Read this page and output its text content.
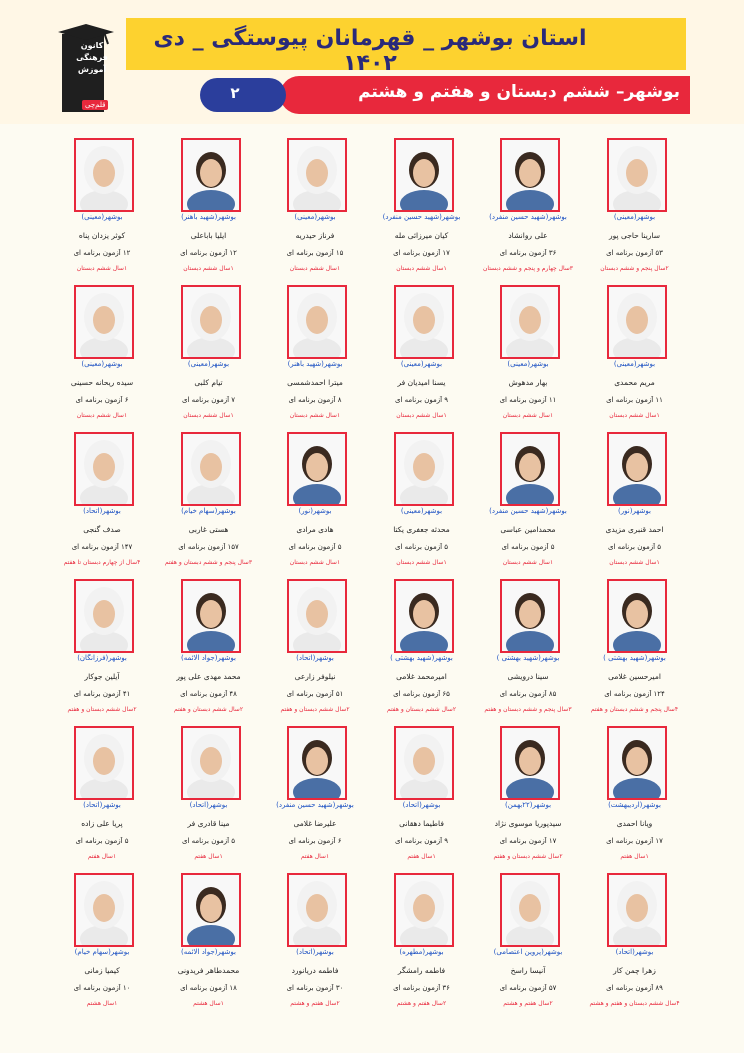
کانون
فرهنگی
آموزش
قلم‌چی
استان بوشهر _ قهرمانان پیوستگی _ دی ۱۴۰۲
بوشهر– ششم دبستان و هفتم و هشتم
۲
بوشهر(معینی)
سارینا حاجی پور
۵۳ آزمون برنامه ای
۲سال پنجم و ششم دبستان
بوشهر(شهید حسین منفرد)
علی روانشاد
۳۶ آزمون برنامه ای
۳سال چهارم و پنجم و ششم دبستان
بوشهر(شهید حسین منفرد)
کیان میرزائی مله
۱۷ آزمون برنامه ای
۱سال ششم دبستان
بوشهر(معینی)
فرناز حیدریه
۱۵ آزمون برنامه ای
۱سال ششم دبستان
بوشهر(شهید باهنر)
ایلیا باباعلی
۱۲ آزمون برنامه ای
۱سال ششم دبستان
بوشهر(معینی)
کوثر یزدان پناه
۱۲ آزمون برنامه ای
۱سال ششم دبستان
بوشهر(معینی)
مریم محمدی
۱۱ آزمون برنامه ای
۱سال ششم دبستان
بوشهر(معینی)
بهار مدهوش
۱۱ آزمون برنامه ای
۱سال ششم دبستان
بوشهر(معینی)
یسنا امیدیان فر
۹ آزمون برنامه ای
۱سال ششم دبستان
بوشهر(شهید باهنر)
میترا احمدشمسی
۸ آزمون برنامه ای
۱سال ششم دبستان
بوشهر(معینی)
تیام کلبی
۷ آزمون برنامه ای
۱سال ششم دبستان
بوشهر(معینی)
سیده ریحانه حسینی
۶ آزمون برنامه ای
۱سال ششم دبستان
بوشهر(نور)
احمد قنبری مزیدی
۵ آزمون برنامه ای
۱سال ششم دبستان
بوشهر(شهید حسین منفرد)
محمدامین عباسی
۵ آزمون برنامه ای
۱سال ششم دبستان
بوشهر(معینی)
محدثه جعفری یکتا
۵ آزمون برنامه ای
۱سال ششم دبستان
بوشهر(نور)
هادی مرادی
۵ آزمون برنامه ای
۱سال ششم دبستان
بوشهر(سهام خیام)
هستی غاربی
۱۵۷ آزمون برنامه ای
۳سال پنجم و ششم دبستان و هفتم
بوشهر(اتحاد)
صدف گنجی
۱۴۷ آزمون برنامه ای
۴سال از چهارم دبستان تا هفتم
بوشهر(شهید بهشتی )
امیرحسین غلامی
۱۲۴ آزمون برنامه ای
۴سال پنجم و ششم دبستان و هفتم
بوشهر(شهید بهشتی )
سینا درویشی
۸۵ آزمون برنامه ای
۳سال پنجم و ششم دبستان و هفتم
بوشهر(شهید بهشتی )
امیرمحمد غلامی
۶۵ آزمون برنامه ای
۲سال ششم دبستان و هفتم
بوشهر(اتحاد)
نیلوفر زارعی
۵۱ آزمون برنامه ای
۲سال ششم دبستان و هفتم
بوشهر(جواد الائمه)
محمد مهدی علی پور
۴۸ آزمون برنامه ای
۲سال ششم دبستان و هفتم
بوشهر(فرزانگان)
آیلین جوکار
۴۱ آزمون برنامه ای
۲سال ششم دبستان و هفتم
بوشهر(اردیبهشت)
ویانا احمدی
۱۷ آزمون برنامه ای
۱سال هفتم
بوشهر(۲۲بهمن)
سیدپوریا موسوی نژاد
۱۷ آزمون برنامه ای
۲سال ششم دبستان و هفتم
بوشهر(اتحاد)
فاطیما دهقانی
۹ آزمون برنامه ای
۱سال هفتم
بوشهر(شهید حسین منفرد)
علیرضا غلامی
۶ آزمون برنامه ای
۱سال هفتم
بوشهر(اتحاد)
مینا قادری فر
۵ آزمون برنامه ای
۱سال هفتم
بوشهر(اتحاد)
پریا علی زاده
۵ آزمون برنامه ای
۱سال هفتم
بوشهر(اتحاد)
زهرا چمن کار
۸۹ آزمون برنامه ای
۴سال ششم دبستان و هفتم و هشتم
بوشهر(پروین اعتصامی)
آنیسا راسخ
۵۷ آزمون برنامه ای
۲سال هفتم و هشتم
بوشهر(مطهره)
فاطمه رامشگر
۳۶ آزمون برنامه ای
۲سال هفتم و هشتم
بوشهر(اتحاد)
فاطمه دریانورد
۳۰ آزمون برنامه ای
۲سال هفتم و هشتم
بوشهر(جواد الائمه)
محمدطاهر فریدونی
۱۸ آزمون برنامه ای
۱سال هشتم
بوشهر(سهام خیام)
کیمیا زمانی
۱۰ آزمون برنامه ای
۱سال هشتم
